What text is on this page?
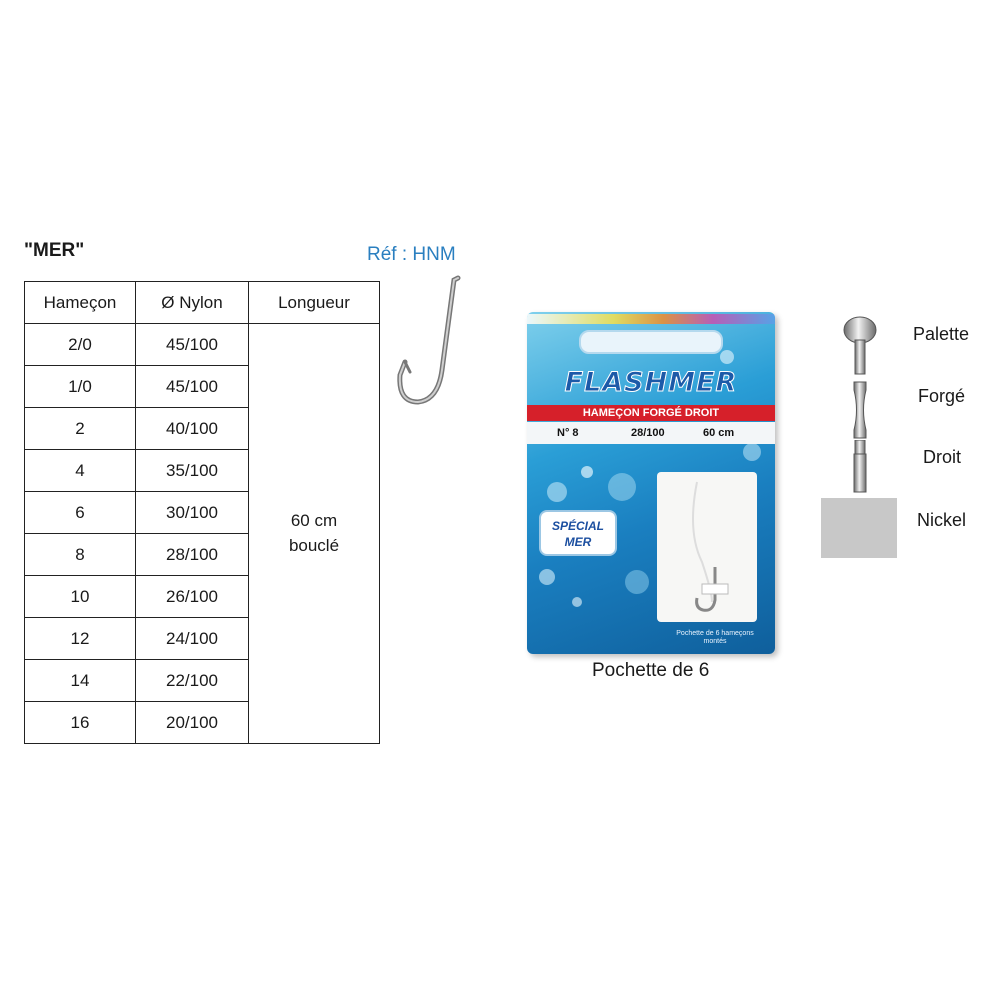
"MER"	Réf : HNM
Hameçon	Ø Nylon	Longueur
2/0	45/100	60 cm
bouclé
1/0	45/100	
2	40/100	
4	35/100	
6	30/100	
8	28/100	
10	26/100	
12	24/100	
14	22/100	
16	20/100	
FLASHMER
HAMEÇON FORGÉ DROIT
N° 8	28/100	60 cm
SPÉCIAL
MER
Pochette de 6 hameçons montés
Pochette de 6
Palette
Forgé
Droit
Nickel
